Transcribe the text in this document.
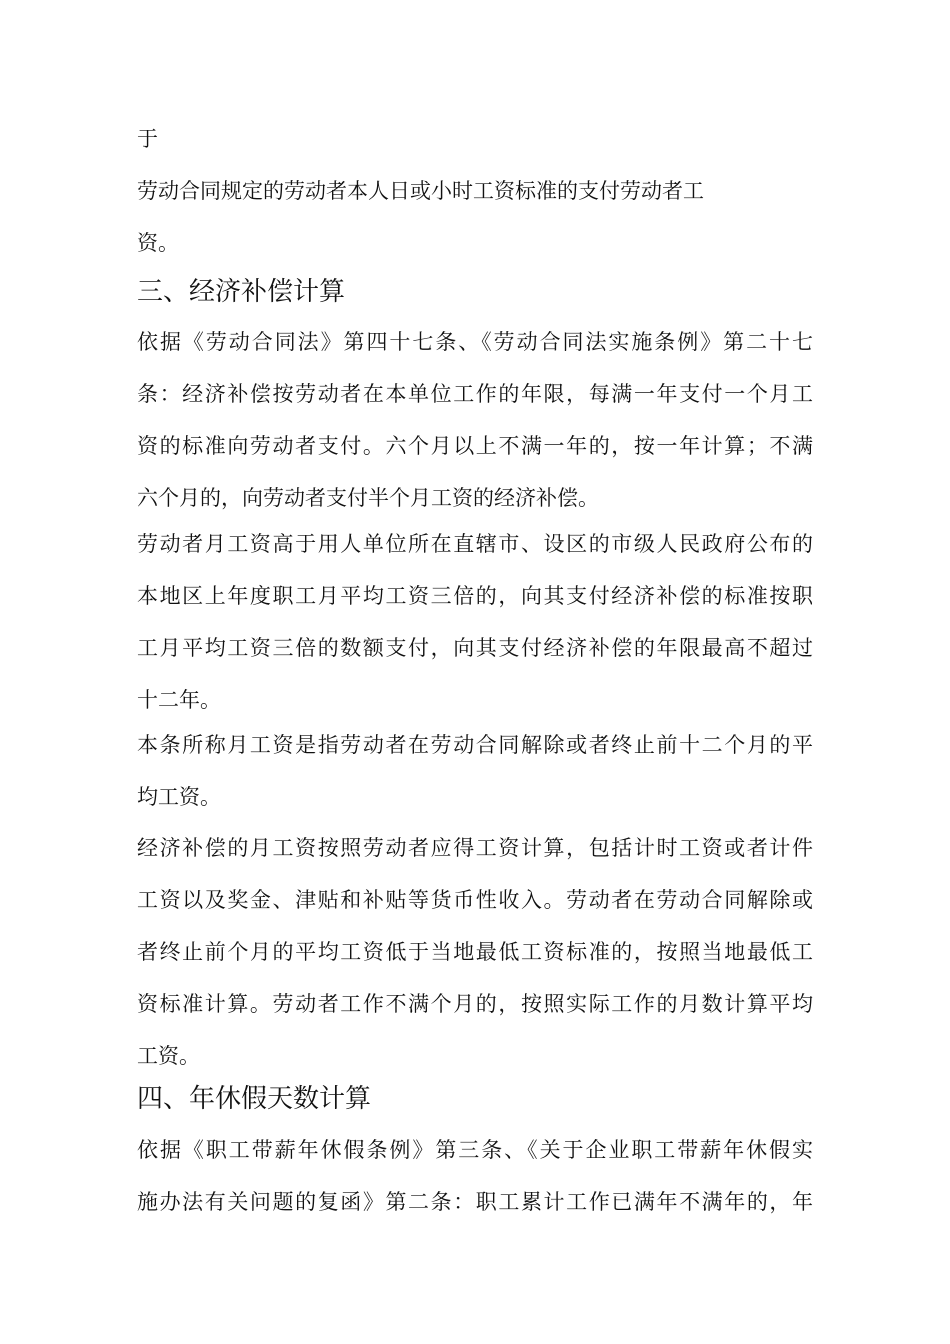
于
劳动合同规定的劳动者本人日或小时工资标准的支付劳动者工
资。
三、经济补偿计算
依据《劳动合同法》第四十七条、《劳动合同法实施条例》第二十七
条：经济补偿按劳动者在本单位工作的年限，每满一年支付一个月工
资的标准向劳动者支付。六个月以上不满一年的，按一年计算；不满
六个月的，向劳动者支付半个月工资的经济补偿。
劳动者月工资高于用人单位所在直辖市、设区的市级人民政府公布的
本地区上年度职工月平均工资三倍的，向其支付经济补偿的标准按职
工月平均工资三倍的数额支付，向其支付经济补偿的年限最高不超过
十二年。
本条所称月工资是指劳动者在劳动合同解除或者终止前十二个月的平
均工资。
经济补偿的月工资按照劳动者应得工资计算，包括计时工资或者计件
工资以及奖金、津贴和补贴等货币性收入。劳动者在劳动合同解除或
者终止前个月的平均工资低于当地最低工资标准的，按照当地最低工
资标准计算。劳动者工作不满个月的，按照实际工作的月数计算平均
工资。
四、年休假天数计算
依据《职工带薪年休假条例》第三条、《关于企业职工带薪年休假实
施办法有关问题的复函》第二条：职工累计工作已满年不满年的，年
